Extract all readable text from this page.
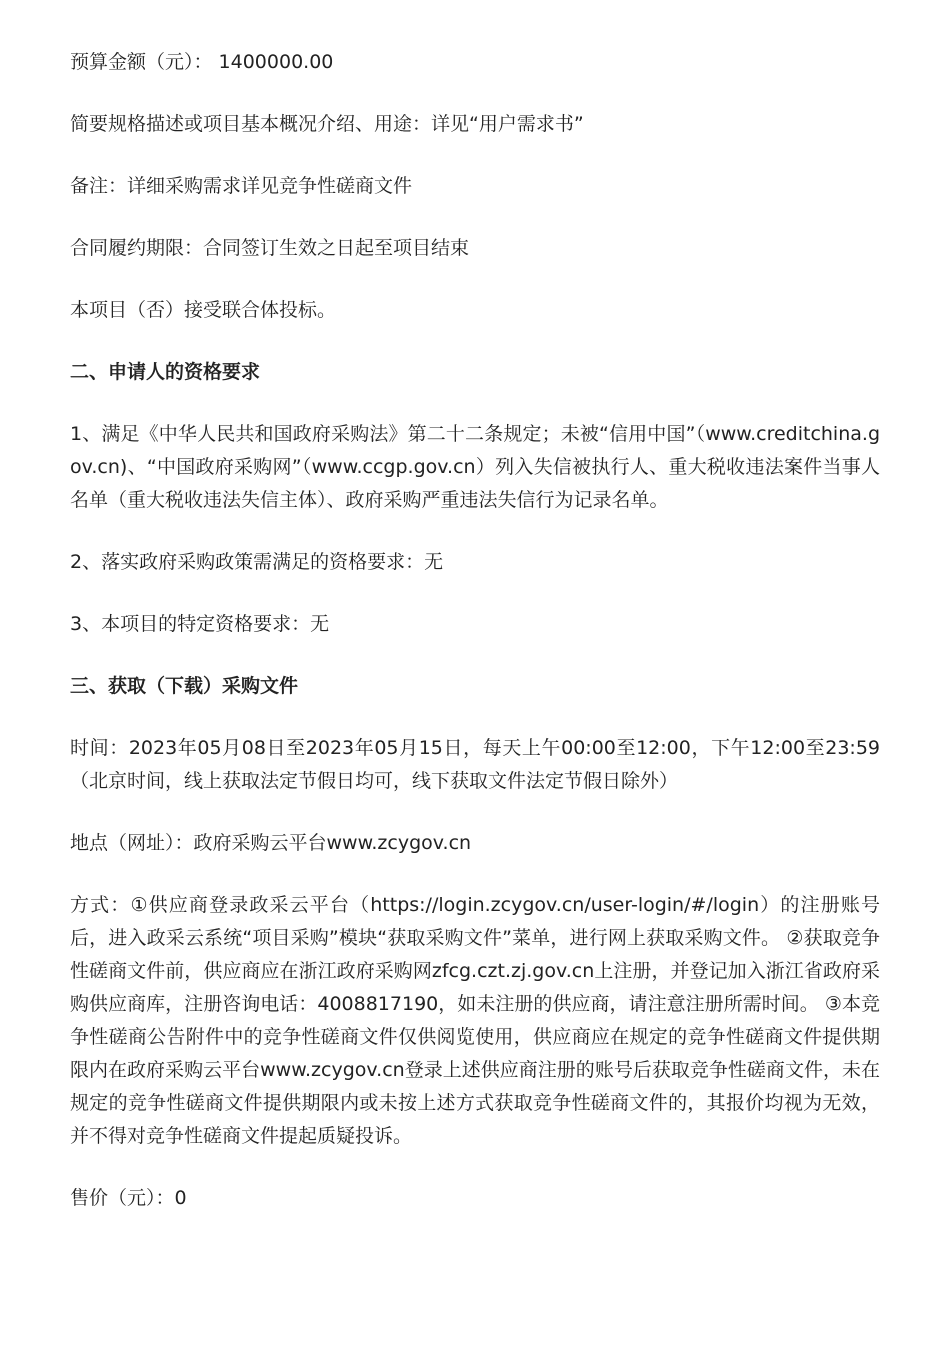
预算金额（元）： 1400000.00

简要规格描述或项目基本概况介绍、用途：详见“用户需求书”

备注：详细采购需求详见竞争性磋商文件

合同履约期限：合同签订生效之日起至项目结束

本项目（否）接受联合体投标。

二、申请人的资格要求

1、满足《中华人民共和国政府采购法》第二十二条规定；未被“信用中国”（www.creditchina.gov.cn)、“中国政府采购网”（www.ccgp.gov.cn）列入失信被执行人、重大税收违法案件当事人名单（重大税收违法失信主体）、政府采购严重违法失信行为记录名单。

2、落实政府采购政策需满足的资格要求：无

3、本项目的特定资格要求：无

三、获取（下载）采购文件

时间：2023年05月08日至2023年05月15日，每天上午00:00至12:00，下午12:00至23:59（北京时间，线上获取法定节假日均可，线下获取文件法定节假日除外）

地点（网址）：政府采购云平台www.zcygov.cn

方式：①供应商登录政采云平台（https://login.zcygov.cn/user-login/#/login）的注册账号后，进入政采云系统“项目采购”模块“获取采购文件”菜单，进行网上获取采购文件。 ②获取竞争性磋商文件前，供应商应在浙江政府采购网zfcg.czt.zj.gov.cn上注册，并登记加入浙江省政府采购供应商库，注册咨询电话：4008817190，如未注册的供应商，请注意注册所需时间。 ③本竞争性磋商公告附件中的竞争性磋商文件仅供阅览使用，供应商应在规定的竞争性磋商文件提供期限内在政府采购云平台www.zcygov.cn登录上述供应商注册的账号后获取竞争性磋商文件，未在规定的竞争性磋商文件提供期限内或未按上述方式获取竞争性磋商文件的，其报价均视为无效，并不得对竞争性磋商文件提起质疑投诉。

售价（元）：0
